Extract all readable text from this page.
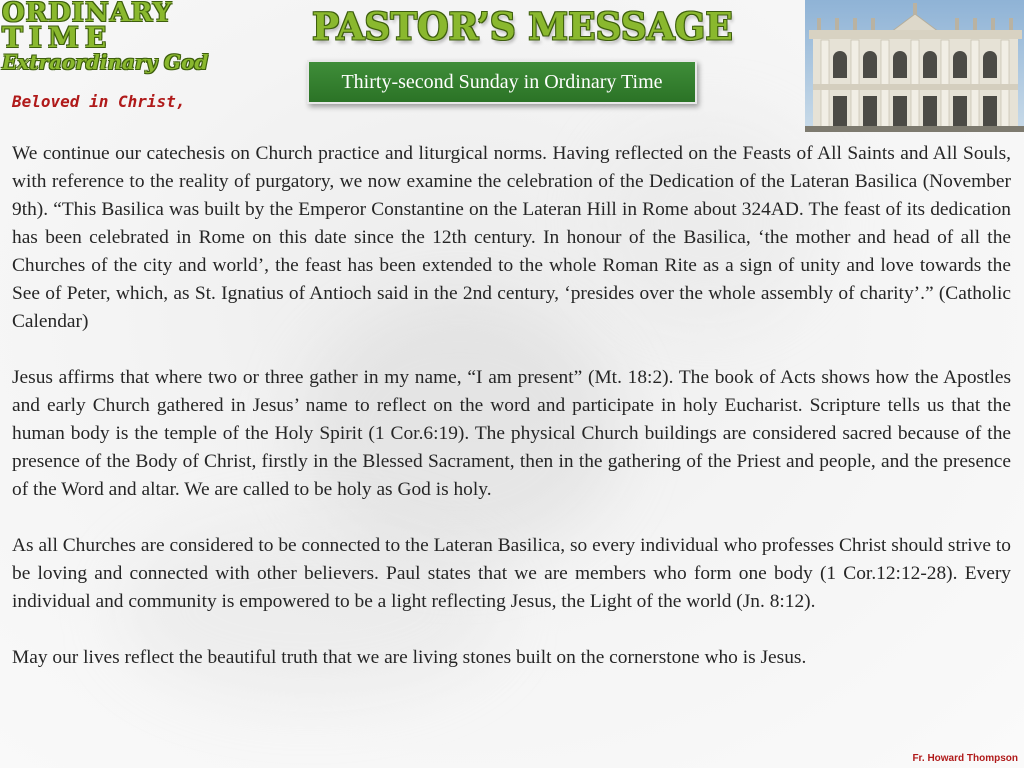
ORDINARY
TIME
Extraordinary God
PASTOR’S MESSAGE
Thirty-second Sunday in Ordinary Time
Beloved in Christ,

We continue our catechesis on Church practice and liturgical norms. Having reflected on the Feasts of All Saints and All Souls, with reference to the reality of purgatory, we now examine the celebration of the Dedication of the Lateran Basilica (November 9th). “This Basilica was built by the Emperor Constantine on the Lateran Hill in Rome about 324AD. The feast of its dedication has been celebrated in Rome on this date since the 12th century. In honour of the Basilica, ‘the mother and head of all the Churches of the city and world’, the feast has been extended to the whole Roman Rite as a sign of unity and love towards the See of Peter, which, as St. Ignatius of Antioch said in the 2nd century, ‘presides over the whole assembly of charity’.” (Catholic Calendar)

Jesus affirms that where two or three gather in my name, “I am present” (Mt. 18:2). The book of Acts shows how the Apostles and early Church gathered in Jesus’ name to reflect on the word and participate in holy Eucharist. Scripture tells us that the human body is the temple of the Holy Spirit (1 Cor.6:19). The physical Church buildings are considered sacred because of the presence of the Body of Christ, firstly in the Blessed Sacrament, then in the gathering of the Priest and people, and the presence of the Word and altar. We are called to be holy as God is holy.

As all Churches are considered to be connected to the Lateran Basilica, so every individual who professes Christ should strive to be loving and connected with other believers. Paul states that we are members who form one body (1 Cor.12:12-28). Every individual and community is empowered to be a light reflecting Jesus, the Light of the world (Jn. 8:12).

May our lives reflect the beautiful truth that we are living stones built on the cornerstone who is Jesus.

Fr. Howard Thompson
